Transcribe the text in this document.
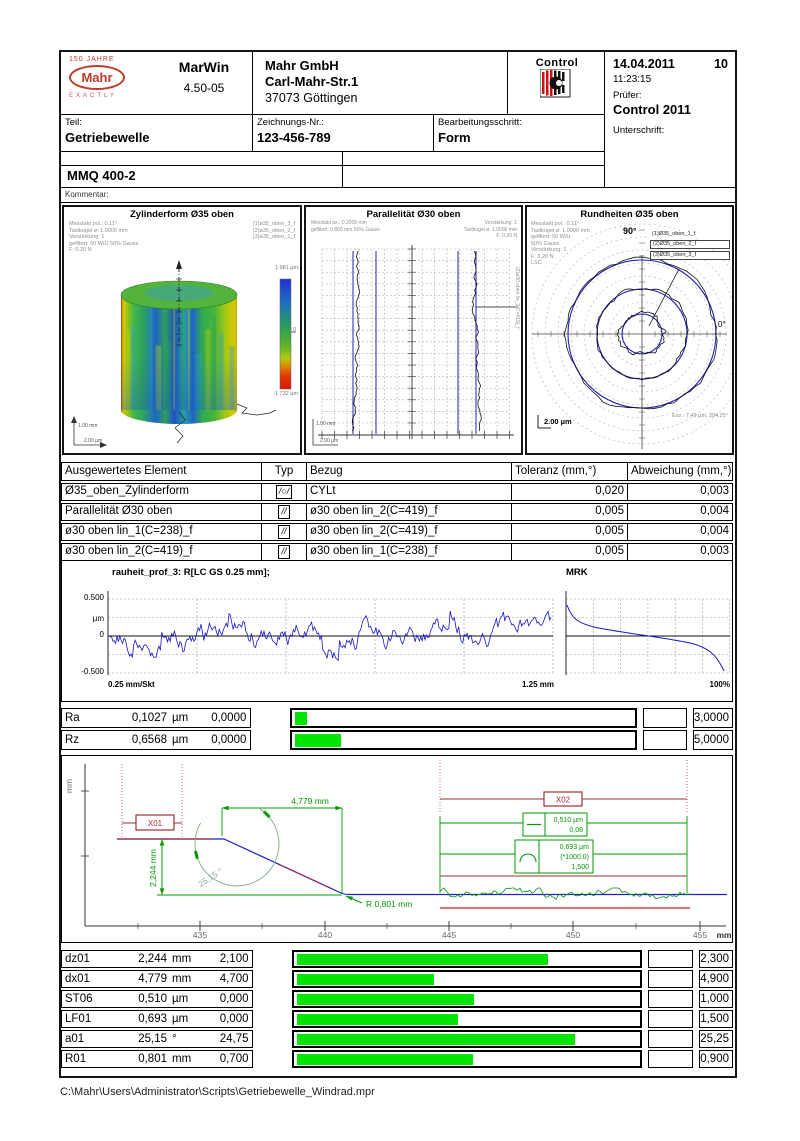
150 JAHRE
Mahr
EXACTLY
MarWin
4.50-05
Mahr GmbH
Carl-Mahr-Str.1
37073 Göttingen
Control	14.04.2011	10
11:23:15
Prüfer:
Control 2011
Unterschrift:
Teil:
Getriebewelle
Zeichnungs-Nr.:
123-456-789
Bearbeitungsschritt:
Form
MMQ 400-2
Kommentar:
1.00 mm
2.00 µm
Zylinderform Ø35 oben
Messtakt pol.: 0.11°
Tastkugel ø: 1.0000 mm
Verstärkung: 1
gefiltert: 50 W/U 50% Gauss
F: 0.20 N
(1)ø35_oben_3_f
(2)ø35_oben_2_f
(3)ø35_oben_1_f
1.981 µm
0
-1.732 µm
1.00 mm
2.00 µm
Parallelität Ø30 oben
Messtakt ax.: 0.2000 mm
gefiltert: 0.800 mm 50% Gauss
Verstärkung: 1
Tastkugel ø: 1.0000 mm
F: 0.20 N
(2)ø30 oben lin_2(C=419)_f
Rundheiten Ø35 oben
Messtakt pol.: 0.11°
Tastkugel ø: 1.0000 mm
gefiltert: 50 W/U
50% Gauss
Verstärkung: 1
F: 0.20 N
LSC
90°
0°
(1)Ø35_oben_1_f
(2)Ø35_oben_2_f
(3)Ø35_oben_3_f
2.00 µm
Exz.: 7.49 µm, 294.25°
Ausgewertetes Element	Typ	Bezug	Toleranz (mm,°)	Abweichung (mm,°)
Ø35_oben_Zylinderform	/○/	CYLt	0,020	0,003
Parallelität Ø30 oben	//	ø30 oben lin_2(C=419)_f	0,005	0,004
ø30 oben lin_1(C=238)_f	//	ø30 oben lin_2(C=419)_f	0,005	0,004
ø30 oben lin_2(C=419)_f	//	ø30 oben lin_1(C=238)_f	0,005	0,003
rauheit_prof_3: R[LC GS 0.25 mm];	MRK
0.500
µm
0
-0.500
0.25 mm/Skt	1.25 mm	100%
Ra	0,1027 µm	0,0000	3,0000
Rz	0,6568 µm	0,0000	5,0000
435	440	445	450	455 mm
mm
X01
X02
4,779 mm
2,244 mm	25,15 °
R 0,801 mm
0,510 µm
0,08
0,693 µm
(*1000.0)
1,500
dz01	2,244 mm	2,100	2,300
dx01	4,779 mm	4,700	4,900
ST06	0,510 µm	0,000	1,000
LF01	0,693 µm	0,000	1,500
a01	25,15 °	24,75	25,25
R01	0,801 mm	0,700	0,900
C:\Mahr\Users\Administrator\Scripts\Getriebewelle_Windrad.mpr
